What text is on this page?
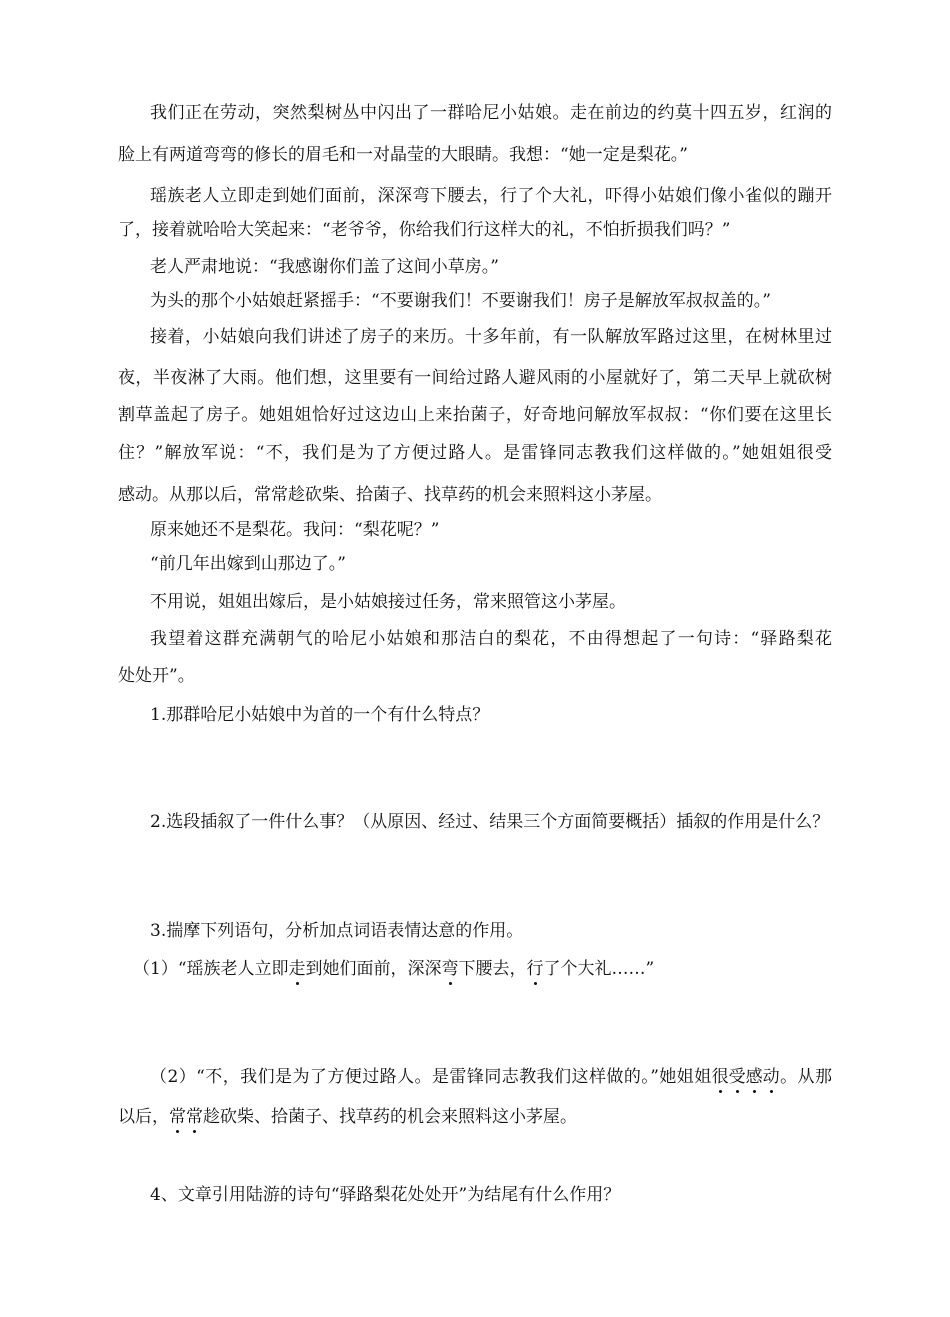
我们正在劳动，突然梨树丛中闪出了一群哈尼小姑娘。走在前边的约莫十四五岁，红润的
脸上有两道弯弯的修长的眉毛和一对晶莹的大眼睛。我想：“她一定是梨花。”
瑶族老人立即走到她们面前，深深弯下腰去，行了个大礼，吓得小姑娘们像小雀似的蹦开
了，接着就哈哈大笑起来：“老爷爷，你给我们行这样大的礼，不怕折损我们吗？”
老人严肃地说：“我感谢你们盖了这间小草房。”
为头的那个小姑娘赶紧摇手：“不要谢我们！不要谢我们！房子是解放军叔叔盖的。”
接着，小姑娘向我们讲述了房子的来历。十多年前，有一队解放军路过这里，在树林里过
夜，半夜淋了大雨。他们想，这里要有一间给过路人避风雨的小屋就好了，第二天早上就砍树
割草盖起了房子。她姐姐恰好过这边山上来抬菌子，好奇地问解放军叔叔：“你们要在这里长
住？”解放军说：“不，我们是为了方便过路人。是雷锋同志教我们这样做的。”她姐姐很受
感动。从那以后，常常趁砍柴、拾菌子、找草药的机会来照料这小茅屋。
原来她还不是梨花。我问：“梨花呢？”
“前几年出嫁到山那边了。”
不用说，姐姐出嫁后，是小姑娘接过任务，常来照管这小茅屋。
我望着这群充满朝气的哈尼小姑娘和那洁白的梨花，不由得想起了一句诗：“驿路梨花
处处开”。
1.那群哈尼小姑娘中为首的一个有什么特点？
2.选段插叙了一件什么事？（从原因、经过、结果三个方面简要概括）插叙的作用是什么？
3.揣摩下列语句，分析加点词语表情达意的作用。
（1）“瑶族老人立即走到她们面前，深深弯下腰去，行了个大礼……”
（2）“不，我们是为了方便过路人。是雷锋同志教我们这样做的。”她姐姐很受感动。从那
以后，常常趁砍柴、拾菌子、找草药的机会来照料这小茅屋。
4、文章引用陆游的诗句“驿路梨花处处开”为结尾有什么作用？
